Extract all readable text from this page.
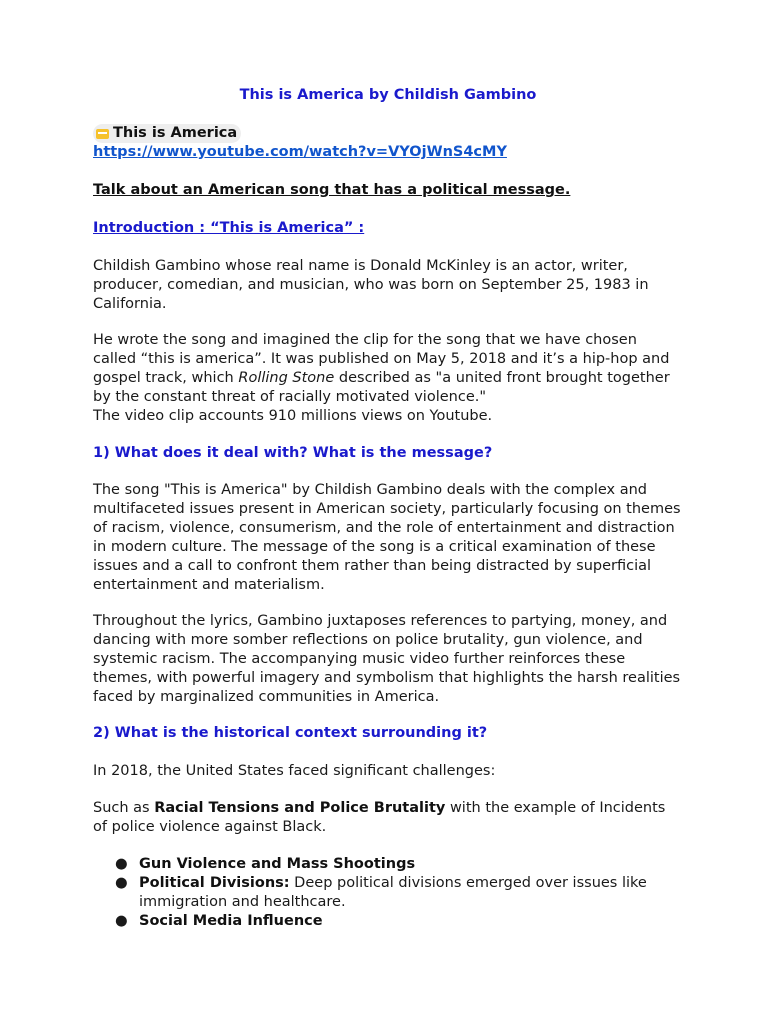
This is America by Childish Gambino
This is America
https://www.youtube.com/watch?v=VYOjWnS4cMY
Talk about an American song that has a political message.
Introduction : “This is America” :

Childish Gambino whose real name is Donald McKinley is an actor, writer, producer, comedian, and musician, who was born on September 25, 1983 in California.

He wrote the song and imagined the clip for the song that we have chosen called “this is america”. It was published on May 5, 2018 and it’s a hip-hop and gospel track, which Rolling Stone described as "a united front brought together by the constant threat of racially motivated violence."

The video clip accounts 910 millions views on Youtube.

1) What does it deal with? What is the message?

The song "This is America" by Childish Gambino deals with the complex and multifaceted issues present in American society, particularly focusing on themes of racism, violence, consumerism, and the role of entertainment and distraction in modern culture. The message of the song is a critical examination of these issues and a call to confront them rather than being distracted by superficial entertainment and materialism.

Throughout the lyrics, Gambino juxtaposes references to partying, money, and dancing with more somber reflections on police brutality, gun violence, and systemic racism. The accompanying music video further reinforces these themes, with powerful imagery and symbolism that highlights the harsh realities faced by marginalized communities in America.

2) What is the historical context surrounding it?

In 2018, the United States faced significant challenges:

Such as Racial Tensions and Police Brutality with the example of Incidents of police violence against Black.

● Gun Violence and Mass Shootings
● Political Divisions: Deep political divisions emerged over issues like immigration and healthcare.
● Social Media Influence
